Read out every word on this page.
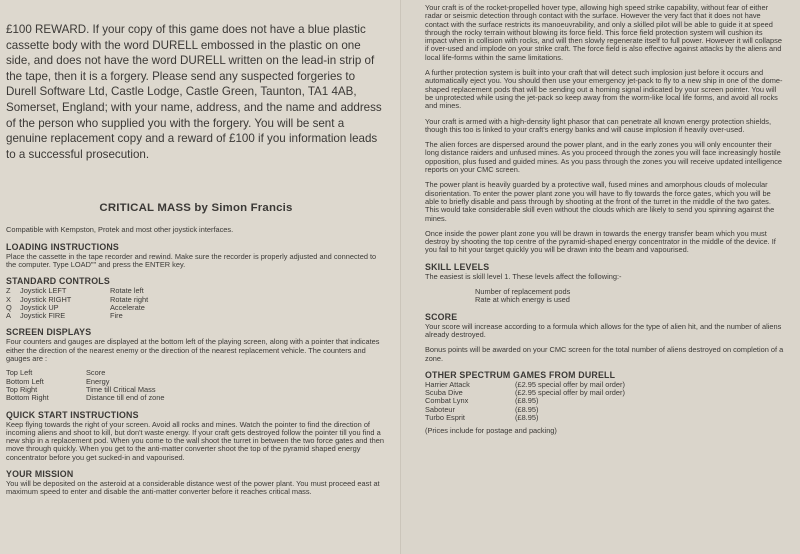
£100 REWARD. If your copy of this game does not have a blue plastic cassette body with the word DURELL embossed in the plastic on one side, and does not have the word DURELL written on the lead-in strip of the tape, then it is a forgery. Please send any suspected forgeries to Durell Software Ltd, Castle Lodge, Castle Green, Taunton, TA1 4AB, Somerset, England; with your name, address, and the name and address of the person who supplied you with the forgery. You will be sent a genuine replacement copy and a reward of £100 if you information leads to a successful prosecution.

CRITICAL MASS by Simon Francis

Compatible with Kempston, Protek and most other joystick interfaces.

LOADING INSTRUCTIONS

Place the cassette in the tape recorder and rewind. Make sure the recorder is properly adjusted and connected to the computer. Type LOAD"" and press the ENTER key.

STANDARD CONTROLS
Z	Joystick LEFT	Rotate left
X	Joystick RIGHT	Rotate right
Q	Joystick UP	Accelerate
A	Joystick FIRE	Fire
SCREEN DISPLAYS

Four counters and gauges are displayed at the bottom left of the playing screen, along with a pointer that indicates either the direction of the nearest enemy or the direction of the nearest replacement vehicle. The counters and gauges are :

Top Left	Score
Bottom Left	Energy
Top Right	Time till Critical Mass
Bottom Right	Distance till end of zone
QUICK START INSTRUCTIONS

Keep flying towards the right of your screen. Avoid all rocks and mines. Watch the pointer to find the direction of incoming aliens and shoot to kill, but don't waste energy. If your craft gets destroyed follow the pointer till you find a new ship in a replacement pod. When you come to the wall shoot the turret in between the two force gates and then move through quickly. When you get to the anti-matter converter shoot the top of the pyramid shaped energy concentrator before you get sucked-in and vapourised.

YOUR MISSION

You will be deposited on the asteroid at a considerable distance west of the power plant. You must proceed east at maximum speed to enter and disable the anti-matter converter before it reaches critical mass.

Your craft is of the rocket-propelled hover type, allowing high speed strike capability, without fear of either radar or seismic detection through contact with the surface. However the very fact that it does not have contact with the surface restricts its manoeuvrability, and only a skilled pilot will be able to guide it at speed through the rocky terrain without blowing its force field. This force field protection system will cushion its impact when in collision with rocks, and will then slowly regenerate itself to full power. However it will collapse if over-used and implode on your strike craft. The force field is also effective against attacks by the aliens and local life-forms within the same limitations.

A further protection system is built into your craft that will detect such implosion just before it occurs and automatically eject you. You should then use your emergency jet-pack to fly to a new ship in one of the dome-shaped replacement pods that will be sending out a homing signal indicated by your screen pointer. You will be unprotected while using the jet-pack so keep away from the worm-like local life forms, and avoid all rocks and mines.

Your craft is armed with a high-density light phasor that can penetrate all known energy protection shields, though this too is linked to your craft's energy banks and will cause implosion if heavily over-used.

The alien forces are dispersed around the power plant, and in the early zones you will only encounter their long distance raiders and unfused mines. As you proceed through the zones you will face increasingly hostile opposition, plus fused and guided mines. As you pass through the zones you will receive updated intelligence reports on your CMC screen.

The power plant is heavily guarded by a protective wall, fused mines and amorphous clouds of molecular disorientation. To enter the power plant zone you will have to fly towards the force gates, which you will be able to briefly disable and pass through by shooting at the front of the turret in the middle of the two gates. This would take considerable skill even without the clouds which are likely to send you spinning against the mines.

Once inside the power plant zone you will be drawn in towards the energy transfer beam which you must destroy by shooting the top centre of the pyramid-shaped energy concentrator in the middle of the device. If you fail to hit your target quickly you will be drawn into the beam and vapourised.

SKILL LEVELS

The easiest is skill level 1. These levels affect the following:-

Number of replacement pods
Rate at which energy is used
SCORE

Your score will increase according to a formula which allows for the type of alien hit, and the number of aliens already destroyed.

Bonus points will be awarded on your CMC screen for the total number of aliens destroyed on completion of a zone.

OTHER SPECTRUM GAMES FROM DURELL
Harrier Attack	(£2.95 special offer by mail order)
Scuba Dive	(£2.95 special offer by mail order)
Combat Lynx	(£8.95)
Saboteur	(£8.95)
Turbo Esprit	(£8.95)

(Prices include for postage and packing)
